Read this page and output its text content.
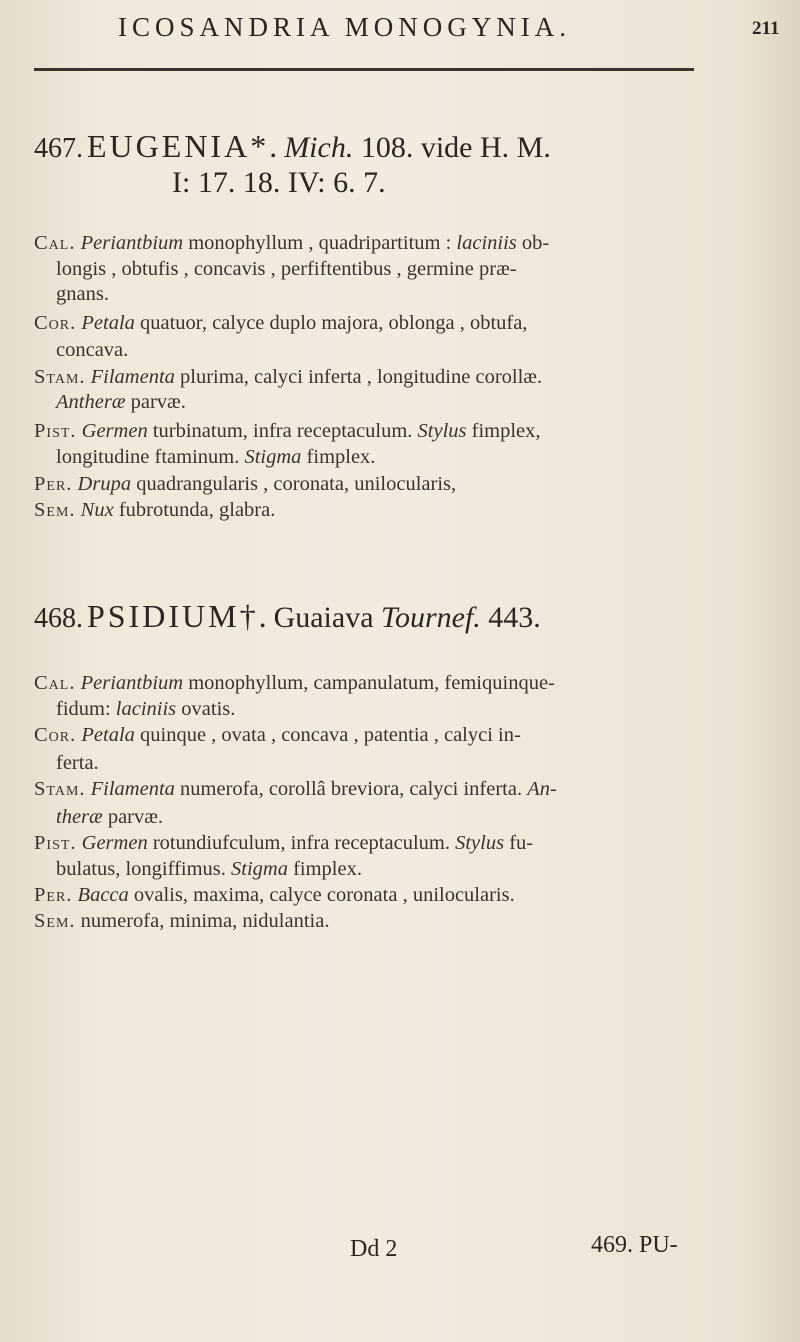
ICOSANDRIA MONOGYNIA.	211
467. EUGENIA*. Mich. 108. vide H. M.
I: 17. 18. IV: 6. 7.
Cal. Periantbium monophyllum , quadripartitum : laciniis ob-
longis , obtufis , concavis , perfiftentibus , germine præ-
gnans.
Cor. Petala quatuor, calyce duplo majora, oblonga , obtufa,
concava.
Stam. Filamenta plurima, calyci inferta , longitudine corollæ.
Antheræ parvæ.
Pist. Germen turbinatum, infra receptaculum. Stylus fimplex,
longitudine ftaminum. Stigma fimplex.
Per. Drupa quadrangularis , coronata, unilocularis,
Sem. Nux fubrotunda, glabra.
468. PSIDIUM†. Guaiava Tournef. 443.
Cal. Periantbium monophyllum, campanulatum, femiquinque-
fidum: laciniis ovatis.
Cor. Petala quinque , ovata , concava , patentia , calyci in-
ferta.
Stam. Filamenta numerofa, corollâ breviora, calyci inferta. An-
theræ parvæ.
Pist. Germen rotundiufculum, infra receptaculum. Stylus fu-
bulatus, longiffimus. Stigma fimplex.
Per. Bacca ovalis, maxima, calyce coronata , unilocularis.
Sem. numerofa, minima, nidulantia.
Dd 2	469. PU-
